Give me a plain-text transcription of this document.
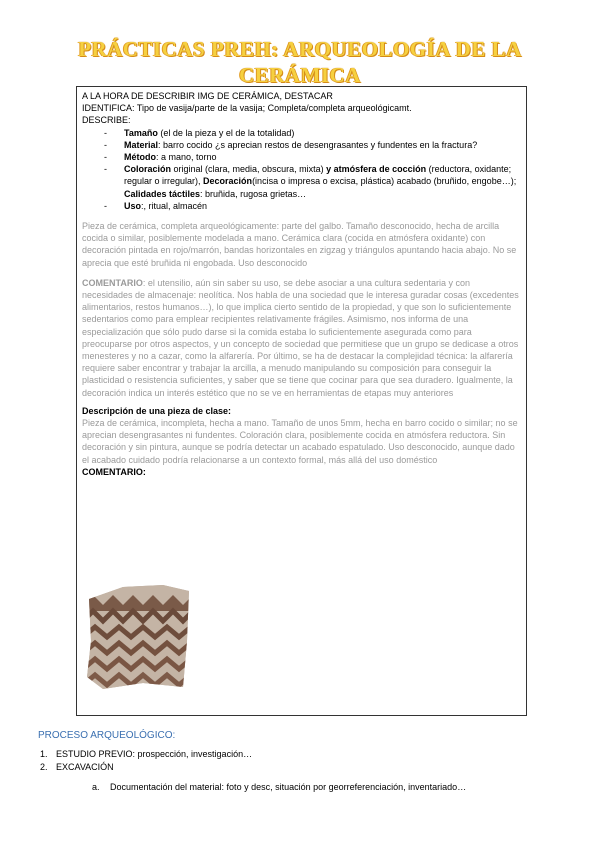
PRÁCTICAS PREH: ARQUEOLOGÍA DE LA
CERÁMICA

A LA HORA DE DESCRIBIR IMG DE CERÁMICA, DESTACAR

IDENTIFICA: Tipo de vasija/parte de la vasija; Completa/completa arqueológicamt.

DESCRIBE:

- Tamaño (el de la pieza y el de la totalidad)
- Material: barro cocido ¿s aprecian restos de desengrasantes y fundentes en la fractura?
- Método: a mano, torno
- Coloración original (clara, media, obscura, mixta) y atmósfera de cocción (reductora, oxidante; regular o irregular), Decoración(incisa o impresa o excisa, plástica) acabado (bruñido, engobe…); Calidades táctiles: bruñida, rugosa grietas…
- Uso:, ritual, almacén

Pieza de cerámica, completa arqueológicamente: parte del galbo. Tamaño desconocido, hecha de arcilla cocida o similar, posiblemente modelada a mano. Cerámica clara (cocida en atmósfera oxidante) con decoración pintada en rojo/marrón, bandas horizontales en zigzag y triángulos apuntando hacia abajo. No se aprecia que esté bruñida ni engobada. Uso desconocido

COMENTARIO: el utensilio, aún sin saber su uso, se debe asociar a una cultura sedentaria y con necesidades de almacenaje: neolítica. Nos habla de una sociedad que le interesa guradar cosas (excedentes alimentarios, restos humanos…), lo que implica cierto sentido de la propiedad, y que son lo suficientemente sedentarios como para emplear recipientes relativamente frágiles. Asimismo, nos informa de una especialización que sólo pudo darse si la comida estaba lo suficientemente asegurada como para preocuparse por otros aspectos, y un concepto de sociedad que permitiese que un grupo se dedicase a otros menesteres y no a cazar, como la alfarería. Por último, se ha de destacar la complejidad técnica: la alfarería requiere saber encontrar y trabajar la arcilla, a menudo manipulando su composición para conseguir la plasticidad o resistencia suficientes, y saber que se tiene que cocinar para que sea duradero. Igualmente, la decoración indica un interés estético que no se ve en herramientas de etapas muy anteriores

Descripción de una pieza de clase:

Pieza de cerámica, incompleta, hecha a mano. Tamaño de unos 5mm, hecha en barro cocido o similar; no se aprecian desengrasantes ni fundentes. Coloración clara, posiblemente cocida en atmósfera reductora. Sin decoración y sin pintura, aunque se podría detectar un acabado espatulado. Uso desconocido, aunque dado el acabado cuidado podría relacionarse a un contexto formal, más allá del uso doméstico

COMENTARIO:

PROCESO ARQUEOLÓGICO:
1. ESTUDIO PREVIO: prospección, investigación…
2. EXCAVACIÓN
a. Documentación del material: foto y desc, situación por georreferenciación, inventariado…
